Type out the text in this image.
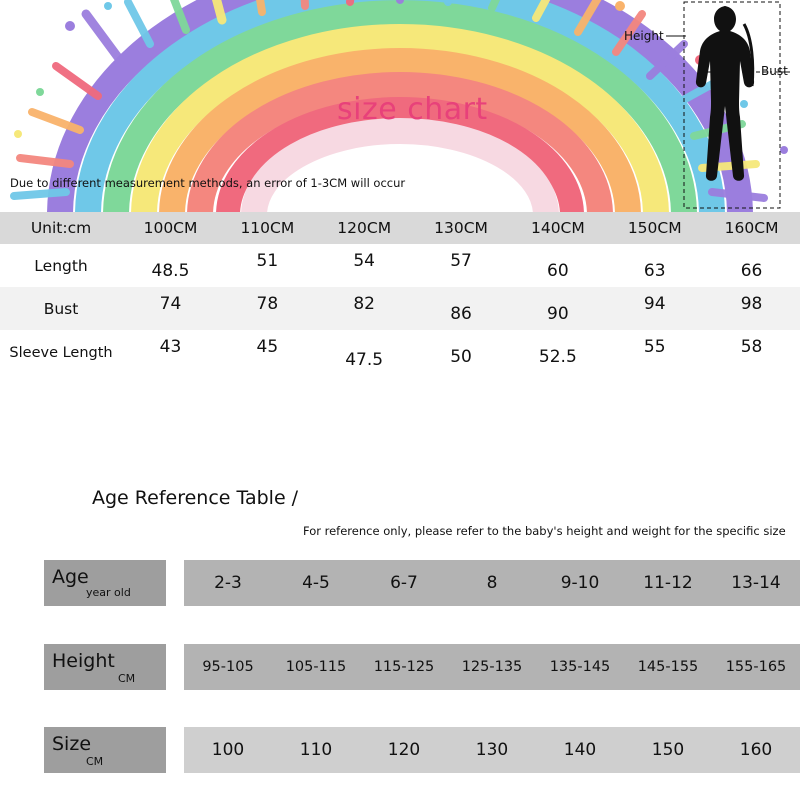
size chart
Due to different measurement methods, an error of 1-3CM will occur
Height
Bust
Unit:cm	100CM	110CM	120CM	130CM	140CM	150CM	160CM
Length	48.5	51	54	57	60	63	66
Bust	74	78	82	86	90	94	98
Sleeve Length	43	45	47.5	50	52.5	55	58
Age Reference Table /
For reference only, please refer to the baby's height and weight for the specific size
Age
year old	2-3	4-5	6-7	8	9-10	11-12	13-14
Height
CM
95-105	105-115	115-125	125-135	135-145	145-155	155-165
Size
CM
100	110	120	130	140	150	160
